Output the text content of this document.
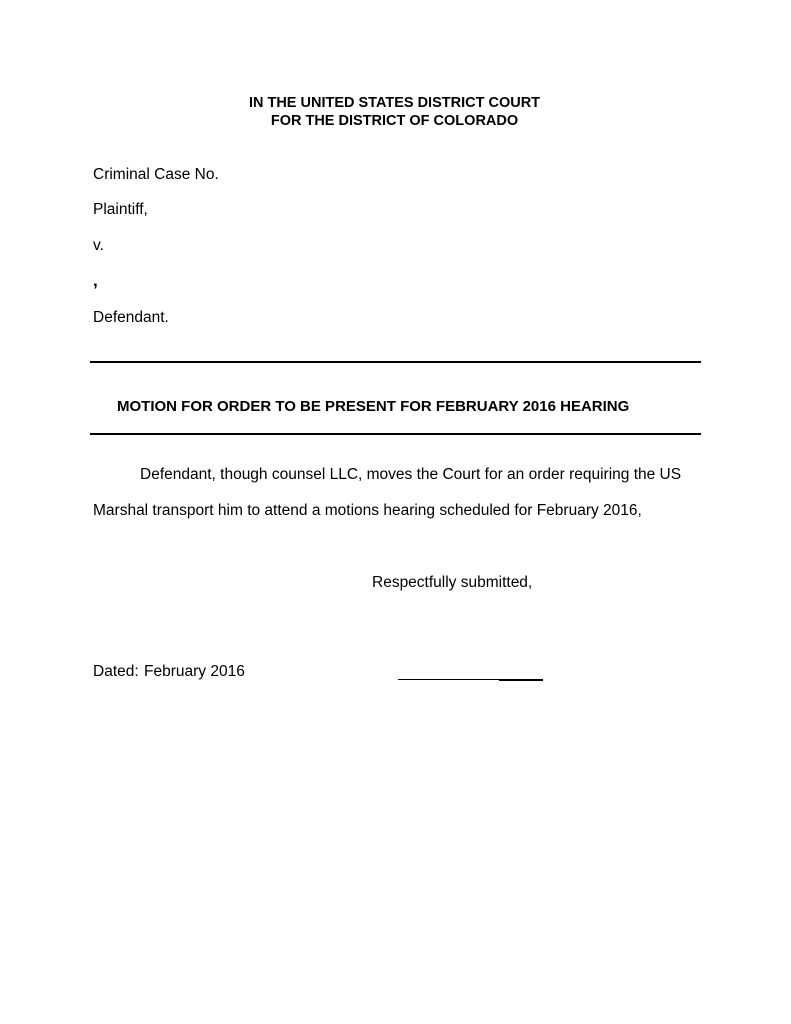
IN THE UNITED STATES DISTRICT COURT
FOR THE DISTRICT OF COLORADO
Criminal Case No.
Plaintiff,
v.
,
Defendant.
MOTION FOR ORDER TO BE PRESENT FOR FEBRUARY 2016 HEARING
Defendant, though counsel LLC, moves the Court for an order requiring the US
Marshal transport him to attend a motions hearing scheduled for February 2016,
Respectfully submitted,
Dated: February 2016
